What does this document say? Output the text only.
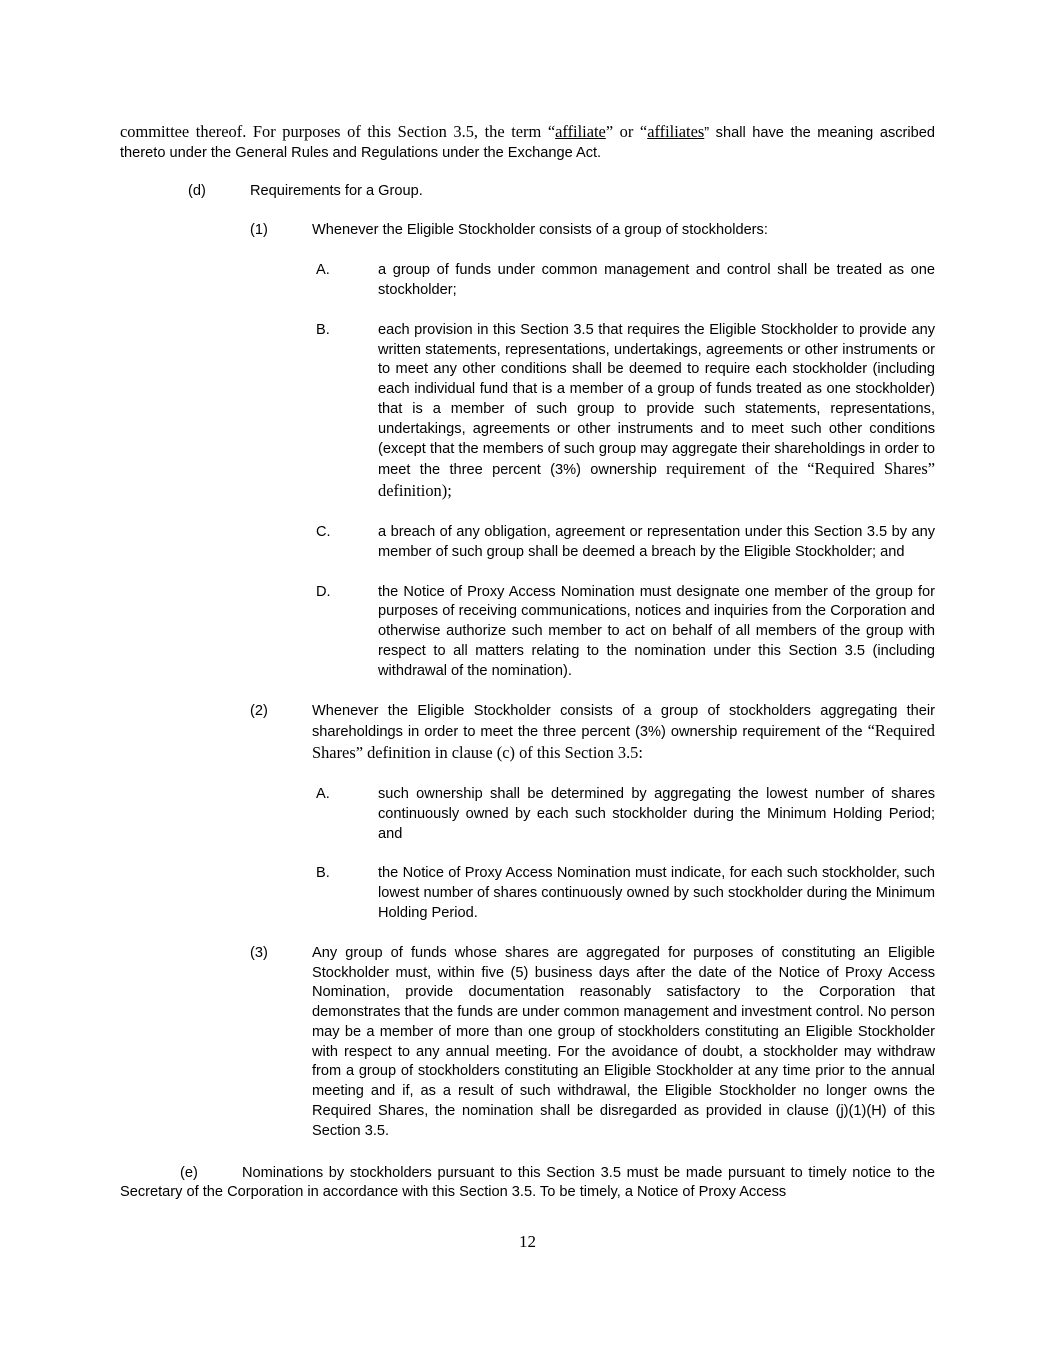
committee thereof. For purposes of this Section 3.5, the term “affiliate” or “affiliates” shall have the meaning ascribed thereto under the General Rules and Regulations under the Exchange Act.

(d)	Requirements for a Group.

(1)	Whenever the Eligible Stockholder consists of a group of stockholders:

A.	a group of funds under common management and control shall be treated as one stockholder;

B.	each provision in this Section 3.5 that requires the Eligible Stockholder to provide any written statements, representations, undertakings, agreements or other instruments or to meet any other conditions shall be deemed to require each stockholder (including each individual fund that is a member of a group of funds treated as one stockholder) that is a member of such group to provide such statements, representations, undertakings, agreements or other instruments and to meet such other conditions (except that the members of such group may aggregate their shareholdings in order to meet the three percent (3%) ownership requirement of the “Required Shares” definition);

C.	a breach of any obligation, agreement or representation under this Section 3.5 by any member of such group shall be deemed a breach by the Eligible Stockholder; and

D.	the Notice of Proxy Access Nomination must designate one member of the group for purposes of receiving communications, notices and inquiries from the Corporation and otherwise authorize such member to act on behalf of all members of the group with respect to all matters relating to the nomination under this Section 3.5 (including withdrawal of the nomination).

(2)	Whenever the Eligible Stockholder consists of a group of stockholders aggregating their shareholdings in order to meet the three percent (3%) ownership requirement of the “Required Shares” definition in clause (c) of this Section 3.5:

A.	such ownership shall be determined by aggregating the lowest number of shares continuously owned by each such stockholder during the Minimum Holding Period; and

B.	the Notice of Proxy Access Nomination must indicate, for each such stockholder, such lowest number of shares continuously owned by such stockholder during the Minimum Holding Period.

(3)	Any group of funds whose shares are aggregated for purposes of constituting an Eligible Stockholder must, within five (5) business days after the date of the Notice of Proxy Access Nomination, provide documentation reasonably satisfactory to the Corporation that demonstrates that the funds are under common management and investment control. No person may be a member of more than one group of stockholders constituting an Eligible Stockholder with respect to any annual meeting. For the avoidance of doubt, a stockholder may withdraw from a group of stockholders constituting an Eligible Stockholder at any time prior to the annual meeting and if, as a result of such withdrawal, the Eligible Stockholder no longer owns the Required Shares, the nomination shall be disregarded as provided in clause (j)(1)(H) of this Section 3.5.

(e)	Nominations by stockholders pursuant to this Section 3.5 must be made pursuant to timely notice to the Secretary of the Corporation in accordance with this Section 3.5. To be timely, a Notice of Proxy Access

12
